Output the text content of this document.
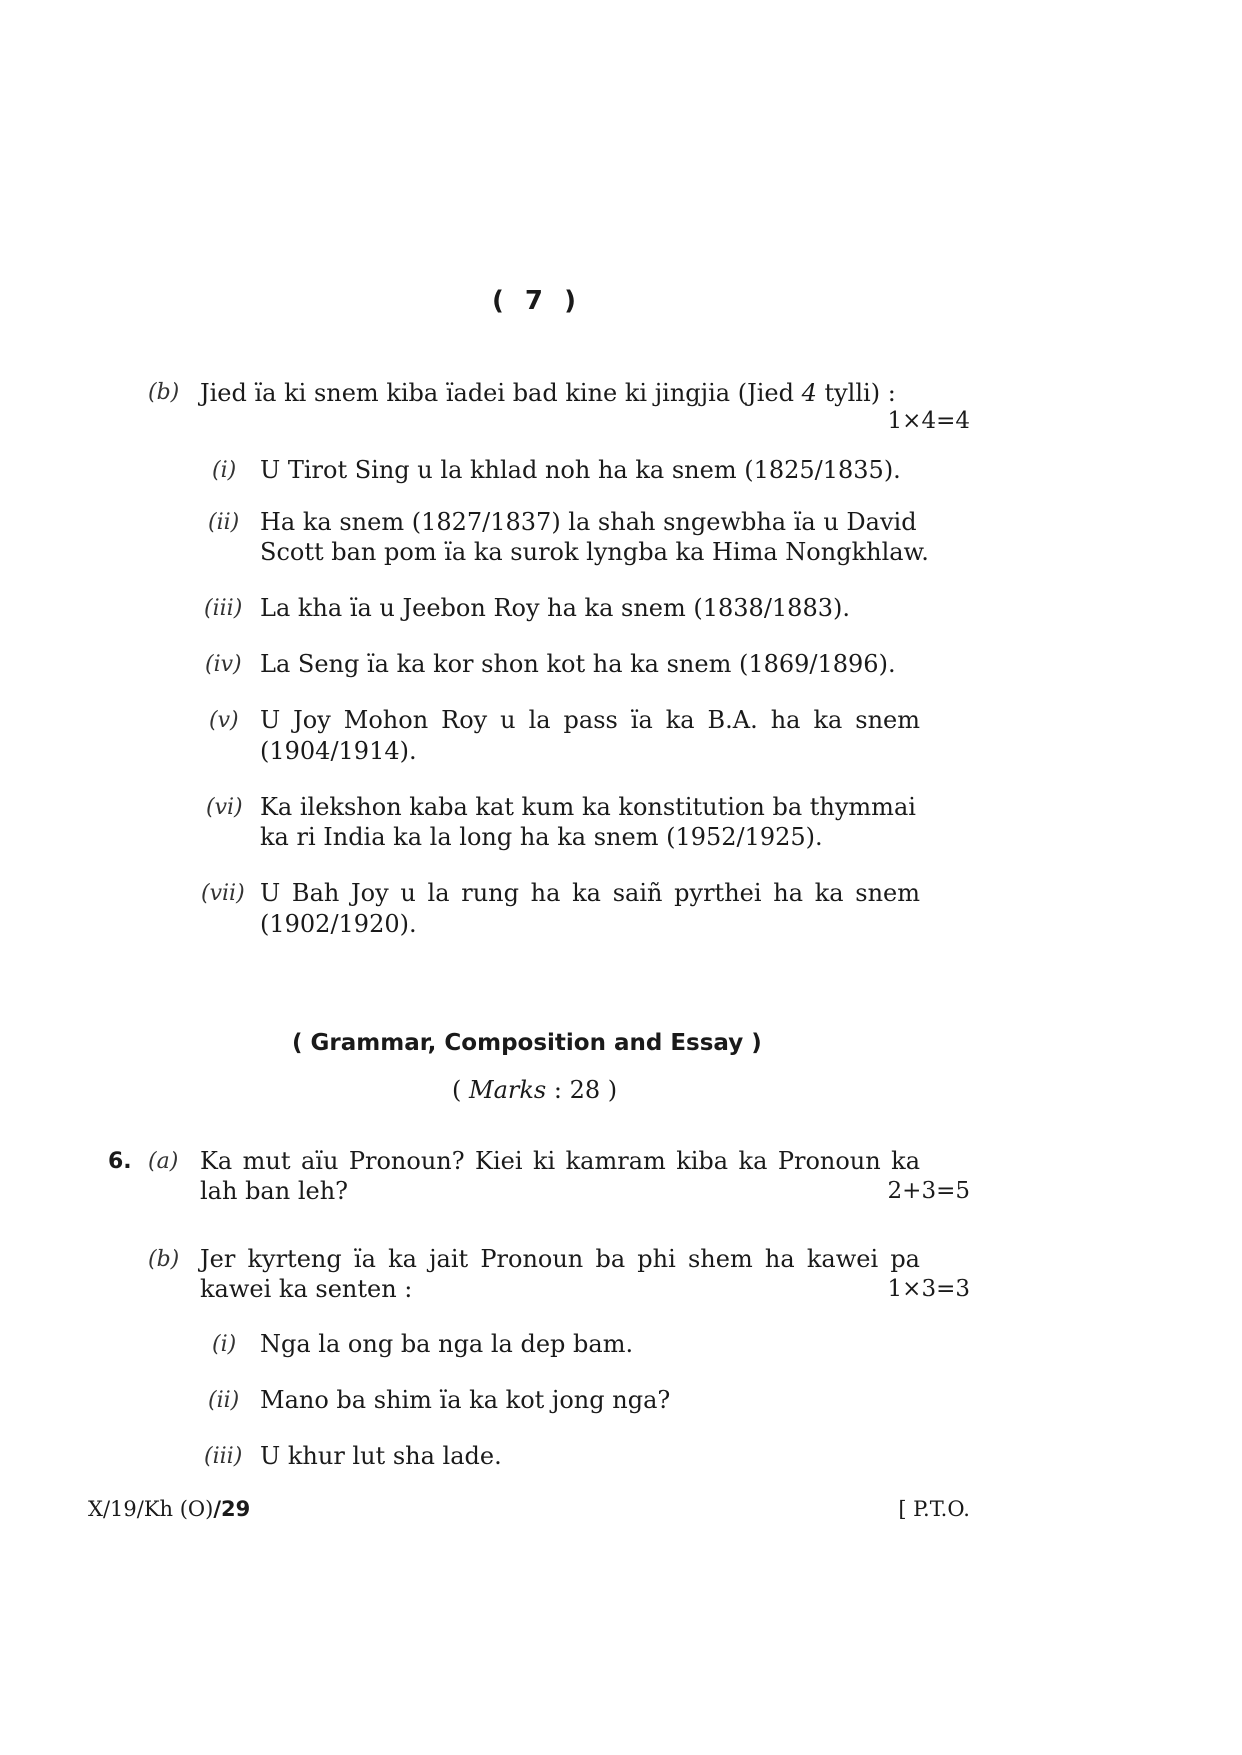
( 7 )
(b) Jied ïa ki snem kiba ïadei bad kine ki jingjia (Jied 4 tylli) :
1×4=4
(i) U Tirot Sing u la khlad noh ha ka snem (1825/1835).
(ii) Ha ka snem (1827/1837) la shah sngewbha ïa u David
Scott ban pom ïa ka surok lyngba ka Hima Nongkhlaw.
(iii) La kha ïa u Jeebon Roy ha ka snem (1838/1883).
(iv) La Seng ïa ka kor shon kot ha ka snem (1869/1896).
(v) U Joy Mohon Roy u la pass ïa ka B.A. ha ka snem
(1904/1914).
(vi) Ka ilekshon kaba kat kum ka konstitution ba thymmai
ka ri India ka la long ha ka snem (1952/1925).
(vii) U Bah Joy u la rung ha ka saiñ pyrthei ha ka snem
(1902/1920).
( Grammar, Composition and Essay )
( Marks : 28 )
6. (a) Ka mut aïu Pronoun? Kiei ki kamram kiba ka Pronoun ka
lah ban leh?	2+3=5
(b) Jer kyrteng ïa ka jait Pronoun ba phi shem ha kawei pa
kawei ka senten :	1×3=3
(i) Nga la ong ba nga la dep bam.
(ii) Mano ba shim ïa ka kot jong nga?
(iii) U khur lut sha lade.
X/19/Kh (O)/29	[ P.T.O.
